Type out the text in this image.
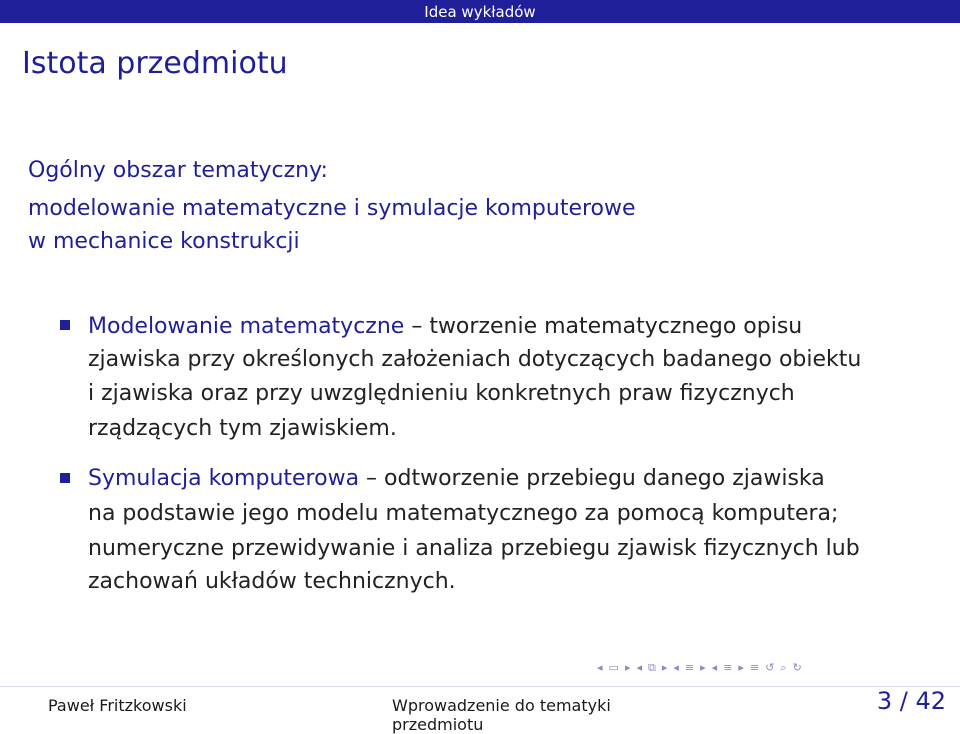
Idea wykładów
Istota przedmiotu
Ogólny obszar tematyczny:
modelowanie matematyczne i symulacje komputerowe
w mechanice konstrukcji
Modelowanie matematyczne – tworzenie matematycznego opisu
zjawiska przy określonych założeniach dotyczących badanego obiektu
i zjawiska oraz przy uwzględnieniu konkretnych praw fizycznych
rządzących tym zjawiskiem.
Symulacja komputerowa – odtworzenie przebiegu danego zjawiska
na podstawie jego modelu matematycznego za pomocą komputera;
numeryczne przewidywanie i analiza przebiegu zjawisk fizycznych lub
zachowań układów technicznych.
◂ ▭ ▸ ◂ ⧉ ▸ ◂ ≡ ▸ ◂ ≡ ▸ ≡ ↺ ⌕ ↻
Paweł Fritzkowski	Wprowadzenie do tematyki przedmiotu
3 / 42
